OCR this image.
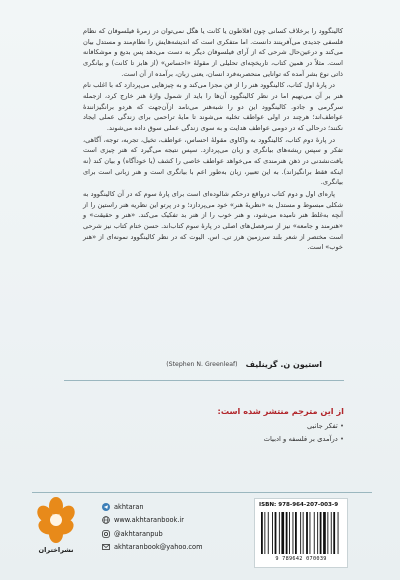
کالینگوود را برخلاف کسانی چون افلاطون یا کانت یا هگل نمی‌توان در زمرهٔ فیلسوفان که نظام فلسفی جدیدی می‌آفرینند دانست. اما متفکری است که اندیشه‌هایش را نظام‌مند و مستدل بیان می‌کند و درعین‌حال شرحی که از آرای فیلسوفان دیگر به دست می‌دهد پس بدیع و موشکافانه است. مثلاً در همین کتاب، تاریخچه‌ای تحلیلی از مقولهٔ «احساس» (از هابز تا کانت) و بیانگری ذاتی نوع بشر آمده که توانایی منحصربه‌فرد انسان، یعنی زبان، برآمده از آن است.

در پارهٔ اول کتاب، کالینگوود هنر را از فن مجزا می‌کند و به چیزهایی می‌پردازد که با اغلب نام هنر بر آن می‌نهیم اما در نظر کالینگوود آن‌ها را باید از شمول واژهٔ هنر خارج کرد، ازجمله سرگرمی و جادو. کالینگوود این دو را شبه‌هنر می‌نامد ازآن‌جهت که هردو برانگیزانندهٔ عواطف‌اند؛ هرچند در اولی عواطف تخلیه می‌شوند تا مایهٔ تراحمی برای زندگی عملی ایجاد نکنند؛ درحالی که در دومی عواطف هدایت و به سوی زندگی عملی سوق داده می‌شوند.

در پارهٔ دوم کتاب، کالینگوود به واکاوی مقولهٔ احساس، عواطف، تخیل، تجربه، توجه، آگاهی، تفکر و سپس ریشه‌های بیانگری و زبان می‌پردازد. سپس نتیجه می‌گیرد که هنر چیزی است یافت‌نشدنی در ذهن هنرمندی که می‌خواهد عواطف خاصی را کشف (یا خودآگاه) و بیان کند (نه اینکه فقط برانگیزاند). به این تعبیر، زبان به‌طور اعم با بیانگری است و هنر زبانی است برای بیانگری.

پاره‌ای اول و دوم کتاب درواقع درحکم شالوده‌ای است برای پارهٔ سوم که در آن کالینگوود به شکلی مبسوط و مستدل به «نظریهٔ هنر» خود می‌پردازد؛ و در پرتو این نظریه هنر راستین را از آنچه به‌غلط هنر نامیده می‌شود، و هنر خوب را از هنر بد تفکیک می‌کند. «هنر و حقیقت» و «هنرمند و جامعه» نیز از سرفصل‌های اصلی در پارهٔ سوم کتاب‌اند. حسن ختام کتاب نیز شرحی است مختصر از شعر بلند سرزمین هرز تی. اس. الیوت که در نظر کالینگوود نمونه‌ای از «هنر خوب» است.

استیون ن. گرینلیف
(Stephen N. Greenleaf)
از این مترجم منتشر شده است:
• تفکر جانبی
• درآمدی بر فلسفه و ادبیات
نشراختران
akhtaran
www.akhtaranbook.ir
@akhtaranpub
akhtaranbook@yahoo.com
ISBN: 978-964-207-003-9
9 789642 070039
